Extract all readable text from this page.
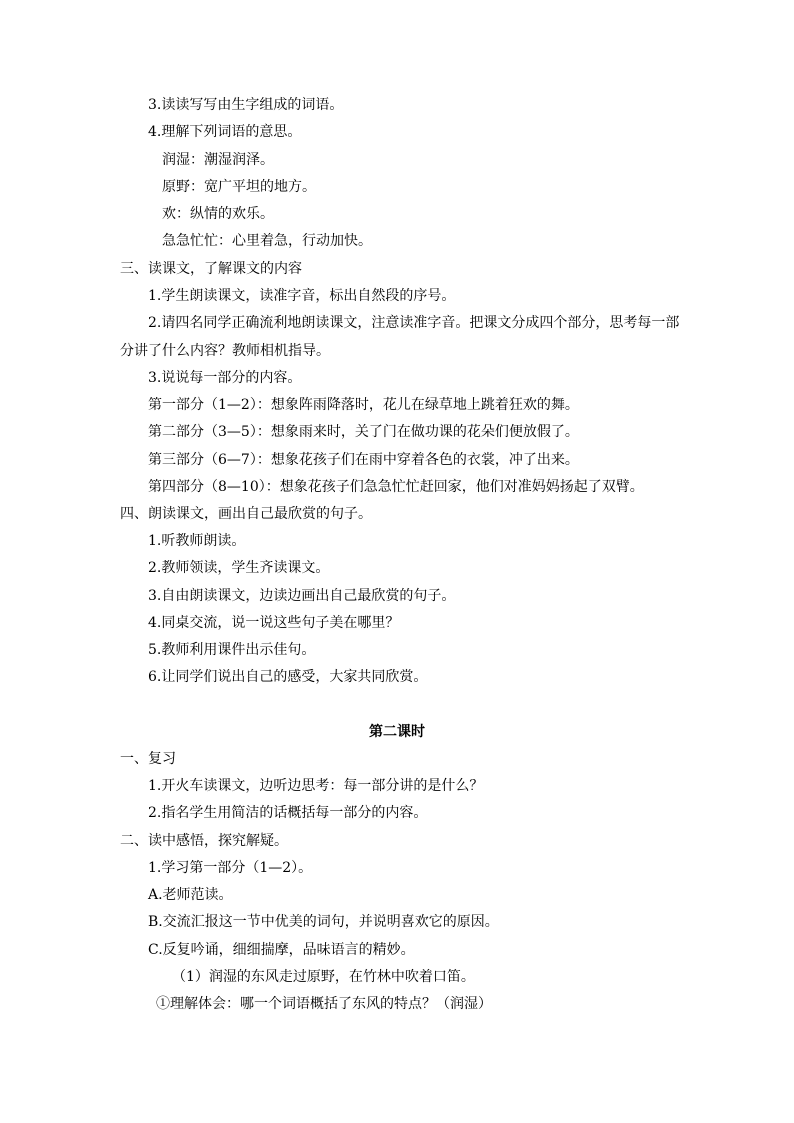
3.读读写写由生字组成的词语。
4.理解下列词语的意思。
润湿：潮湿润泽。
原野：宽广平坦的地方。
欢：纵情的欢乐。
急急忙忙：心里着急，行动加快。
三、读课文，了解课文的内容
1.学生朗读课文，读准字音，标出自然段的序号。
2.请四名同学正确流利地朗读课文，注意读准字音。把课文分成四个部分，思考每一部
分讲了什么内容？教师相机指导。
3.说说每一部分的内容。
第一部分（1—2）：想象阵雨降落时，花儿在绿草地上跳着狂欢的舞。
第二部分（3—5）：想象雨来时，关了门在做功课的花朵们便放假了。
第三部分（6—7）：想象花孩子们在雨中穿着各色的衣裳，冲了出来。
第四部分（8—10）：想象花孩子们急急忙忙赶回家，他们对准妈妈扬起了双臂。
四、朗读课文，画出自己最欣赏的句子。
1.听教师朗读。
2.教师领读，学生齐读课文。
3.自由朗读课文，边读边画出自己最欣赏的句子。
4.同桌交流，说一说这些句子美在哪里？
5.教师利用课件出示佳句。
6.让同学们说出自己的感受，大家共同欣赏。
第二课时
一、复习
1.开火车读课文，边听边思考：每一部分讲的是什么？
2.指名学生用简洁的话概括每一部分的内容。
二、读中感悟，探究解疑。
1.学习第一部分（1—2）。
A.老师范读。
B.交流汇报这一节中优美的词句，并说明喜欢它的原因。
C.反复吟诵，细细揣摩，品味语言的精妙。
（1）润湿的东风走过原野，在竹林中吹着口笛。
①理解体会：哪一个词语概括了东风的特点？（润湿）
